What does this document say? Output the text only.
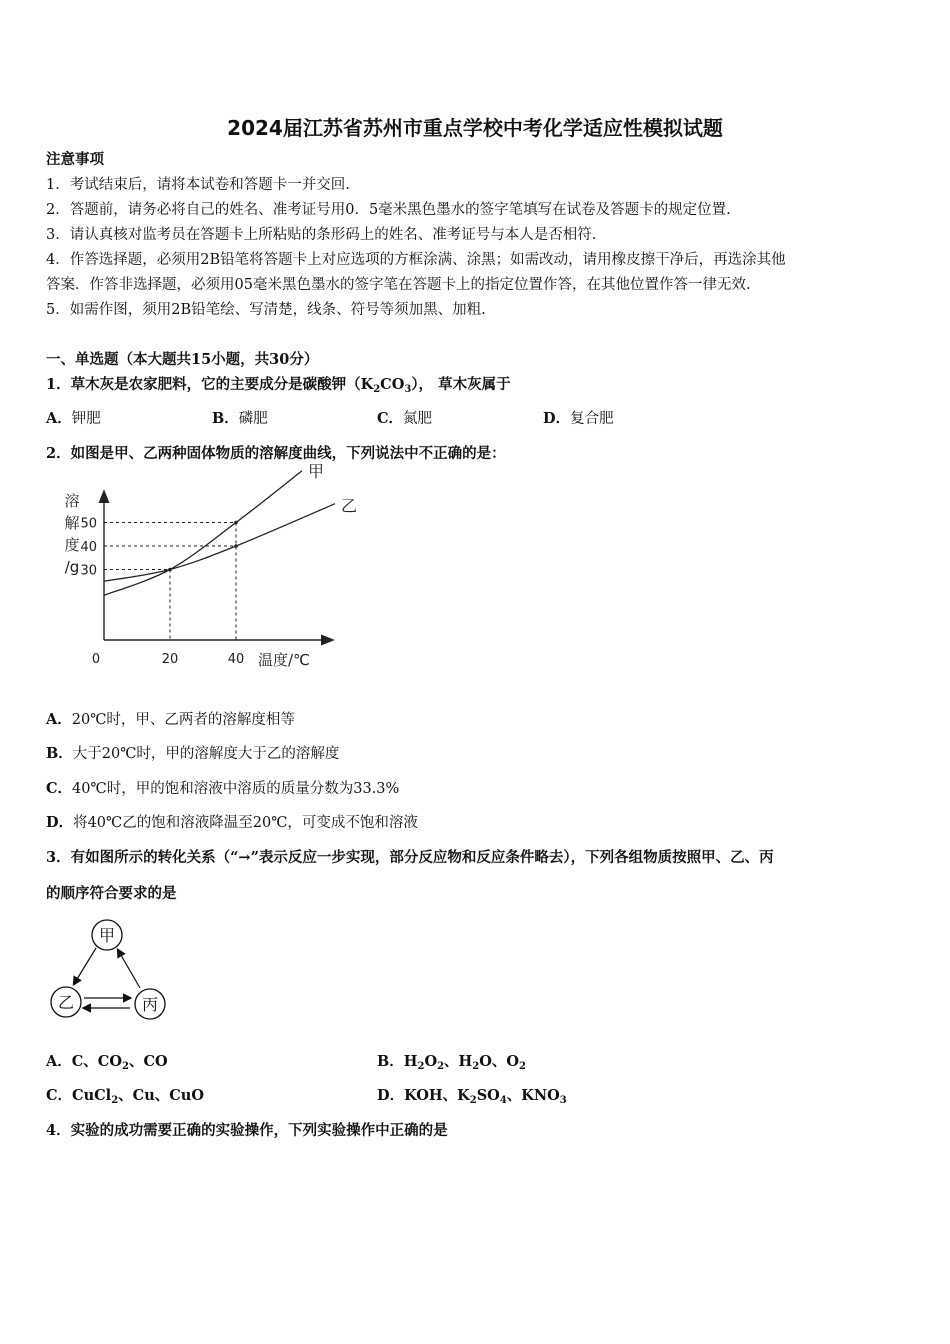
2024届江苏省苏州市重点学校中考化学适应性模拟试题
注意事项
1．考试结束后，请将本试卷和答题卡一并交回.
2．答题前，请务必将自己的姓名、准考证号用0．5毫米黑色墨水的签字笔填写在试卷及答题卡的规定位置.
3．请认真核对监考员在答题卡上所粘贴的条形码上的姓名、准考证号与本人是否相符.
4．作答选择题，必须用2B铅笔将答题卡上对应选项的方框涂满、涂黑；如需改动，请用橡皮擦干净后，再选涂其他
答案．作答非选择题，必须用05毫米黑色墨水的签字笔在答题卡上的指定位置作答，在其他位置作答一律无效.
5．如需作图，须用2B铅笔绘、写清楚，线条、符号等须加黑、加粗.
一、单选题（本大题共15小题，共30分）
1．草木灰是农家肥料，它的主要成分是碳酸钾$(K_2CO_3)$， 草木灰属于
A．钾肥	B．磷肥	C．氮肥	D．复合肥
2．如图是甲、乙两种固体物质的溶解度曲线，下列说法中不正确的是：
溶
解
度
/g
温度/℃
0	20	40
30
40
50
甲
乙
A．20℃时，甲、乙两者的溶解度相等
B．大于20℃时，甲的溶解度大于乙的溶解度
C．40℃时，甲的饱和溶液中溶质的质量分数为33.3%
D．将40℃乙的饱和溶液降温至20℃，可变成不饱和溶液
3．有如图所示的转化关系（“→”表示反应一步实现，部分反应物和反应条件略去），下列各组物质按照甲、乙、丙
的顺序符合要求的是
甲
乙	丙
A．C、$CO_2$、CO	B．$H_2O_2$、$H_2O$、$O_2$
C．CuCl$_2$、Cu、CuO	D．KOH、$K_2SO_4$、$KNO_3$
4．实验的成功需要正确的实验操作，下列实验操作中正确的是
